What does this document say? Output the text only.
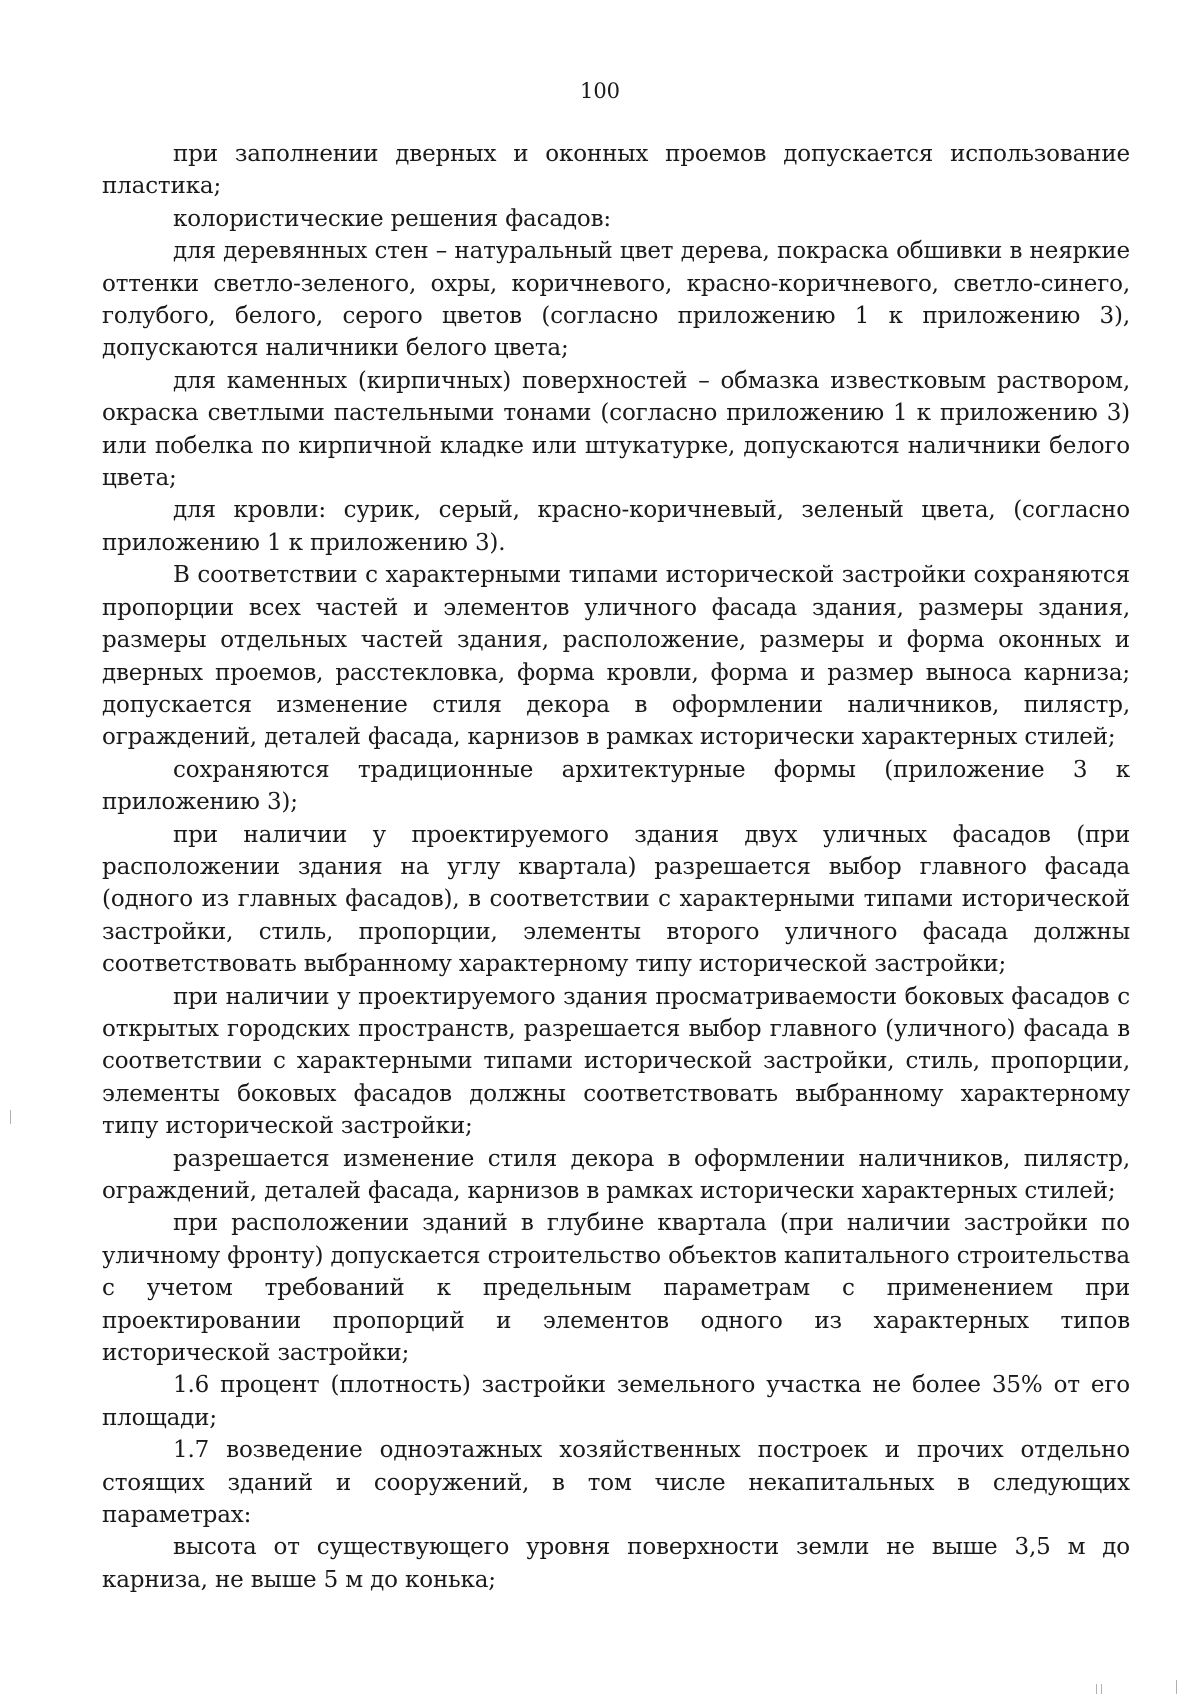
100

при заполнении дверных и оконных проемов допускается использование пластика;

колористические решения фасадов:

для деревянных стен – натуральный цвет дерева, покраска обшивки в неяркие оттенки светло-зеленого, охры, коричневого, красно-коричневого, светло-синего, голубого, белого, серого цветов (согласно приложению 1 к приложению 3), допускаются наличники белого цвета;

для каменных (кирпичных) поверхностей – обмазка известковым раствором, окраска светлыми пастельными тонами (согласно приложению 1 к приложению 3) или побелка по кирпичной кладке или штукатурке, допускаются наличники белого цвета;

для кровли: сурик, серый, красно-коричневый, зеленый цвета, (согласно приложению 1 к приложению 3).

В соответствии с характерными типами исторической застройки сохраняются пропорции всех частей и элементов уличного фасада здания, размеры здания, размеры отдельных частей здания, расположение, размеры и форма оконных и дверных проемов, расстекловка, форма кровли, форма и размер выноса карниза; допускается изменение стиля декора в оформлении наличников, пилястр, ограждений, деталей фасада, карнизов в рамках исторически характерных стилей;

сохраняются традиционные архитектурные формы (приложение 3 к приложению 3);

при наличии у проектируемого здания двух уличных фасадов (при расположении здания на углу квартала) разрешается выбор главного фасада (одного из главных фасадов), в соответствии с характерными типами исторической застройки, стиль, пропорции, элементы второго уличного фасада должны соответствовать выбранному характерному типу исторической застройки;

при наличии у проектируемого здания просматриваемости боковых фасадов с открытых городских пространств, разрешается выбор главного (уличного) фасада в соответствии с характерными типами исторической застройки, стиль, пропорции, элементы боковых фасадов должны соответствовать выбранному характерному типу исторической застройки;

разрешается изменение стиля декора в оформлении наличников, пилястр, ограждений, деталей фасада, карнизов в рамках исторически характерных стилей;

при расположении зданий в глубине квартала (при наличии застройки по уличному фронту) допускается строительство объектов капитального строительства с учетом требований к предельным параметрам с применением при проектировании пропорций и элементов одного из характерных типов исторической застройки;

1.6 процент (плотность) застройки земельного участка не более 35% от его площади;

1.7 возведение одноэтажных хозяйственных построек и прочих отдельно стоящих зданий и сооружений, в том числе некапитальных в следующих параметрах:

высота от существующего уровня поверхности земли не выше 3,5 м до карниза, не выше 5 м до конька;
